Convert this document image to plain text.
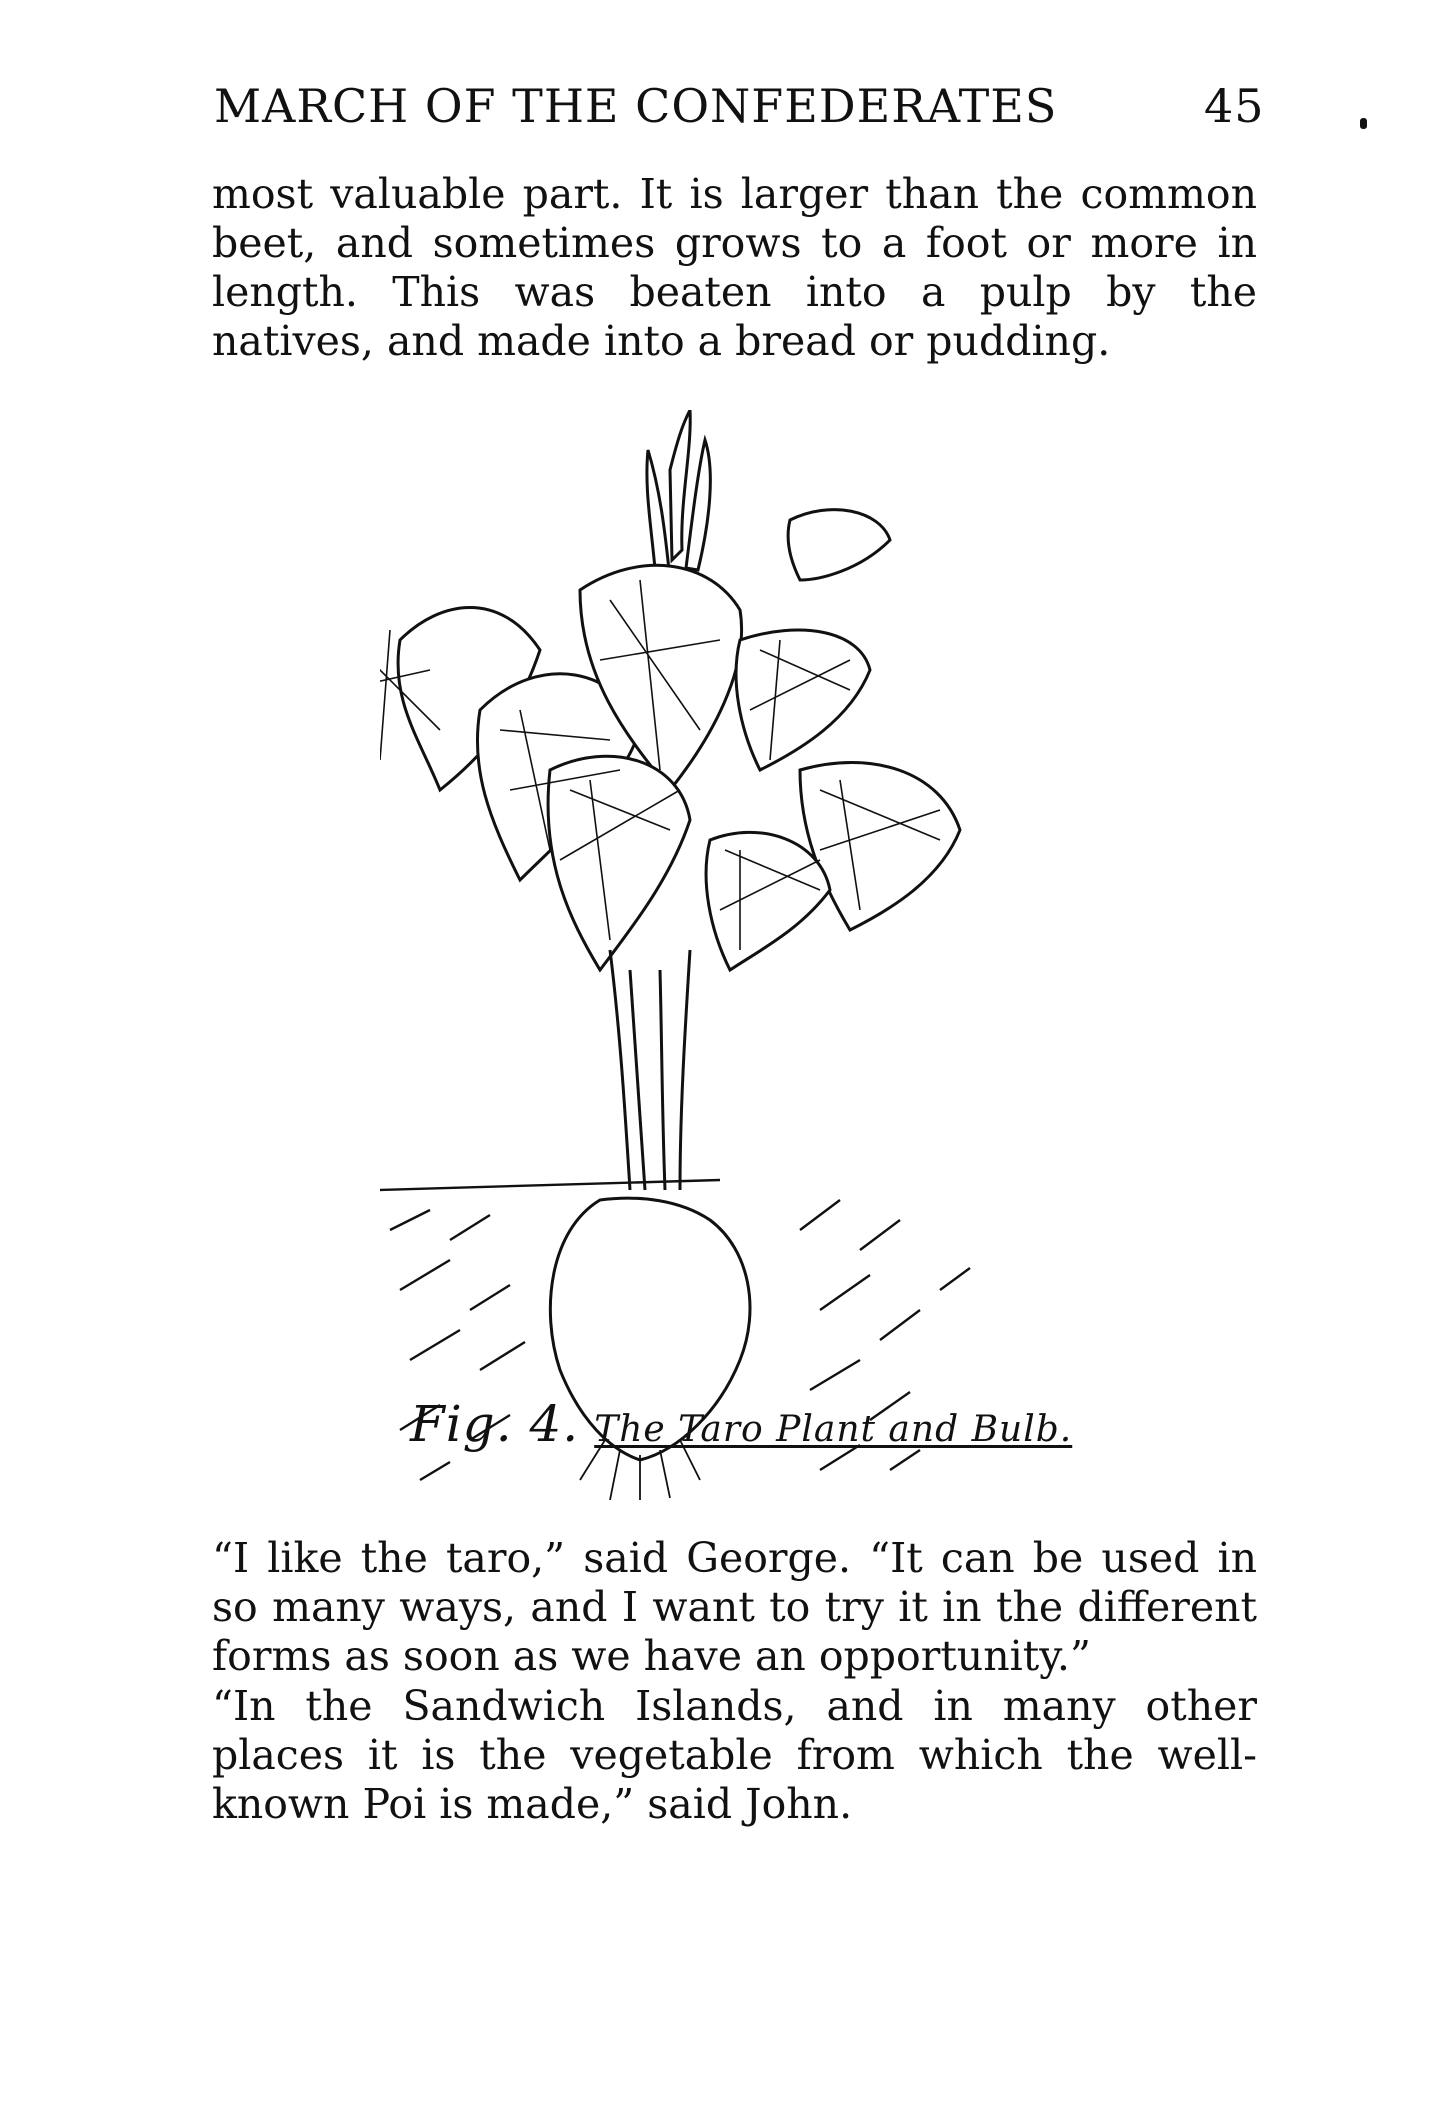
MARCH OF THE CONFEDERATES	45

most valuable part. It is larger than the common beet, and sometimes grows to a foot or more in length. This was beaten into a pulp by the natives, and made into a bread or pudding.

Fig. 4. The Taro Plant and Bulb.

“I like the taro,” said George. “It can be used in so many ways, and I want to try it in the different forms as soon as we have an opportunity.”

“In the Sandwich Islands, and in many other places it is the vegetable from which the well-known Poi is made,” said John.
